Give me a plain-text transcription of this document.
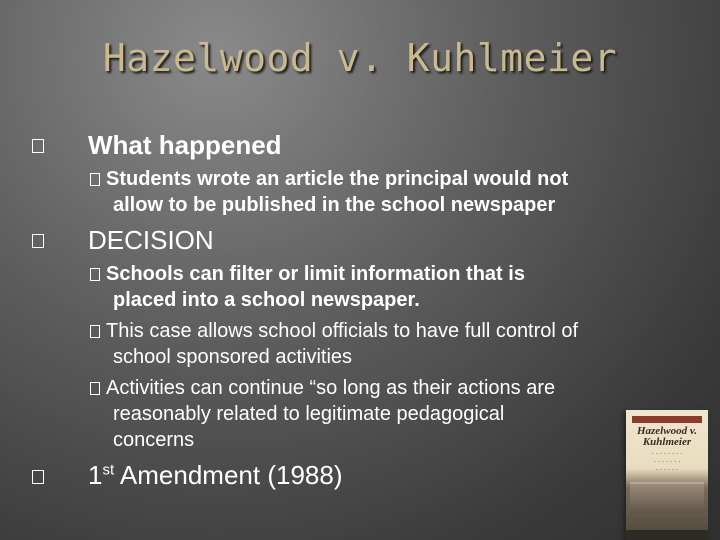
Hazelwood v. Kuhlmeier
What happened
Students wrote an article the principal would not
allow to be published in the school newspaper
DECISION
Schools can filter or limit information that is
placed into a school newspaper.
This case allows school officials to have full control of
school sponsored activities
Activities can continue “so long as their actions are
reasonably related to legitimate pedagogical
concerns
1st Amendment (1988)
Hazelwood v.
Kuhlmeier
· · · · · · · ·
· · · · · · ·
· · · · · ·
